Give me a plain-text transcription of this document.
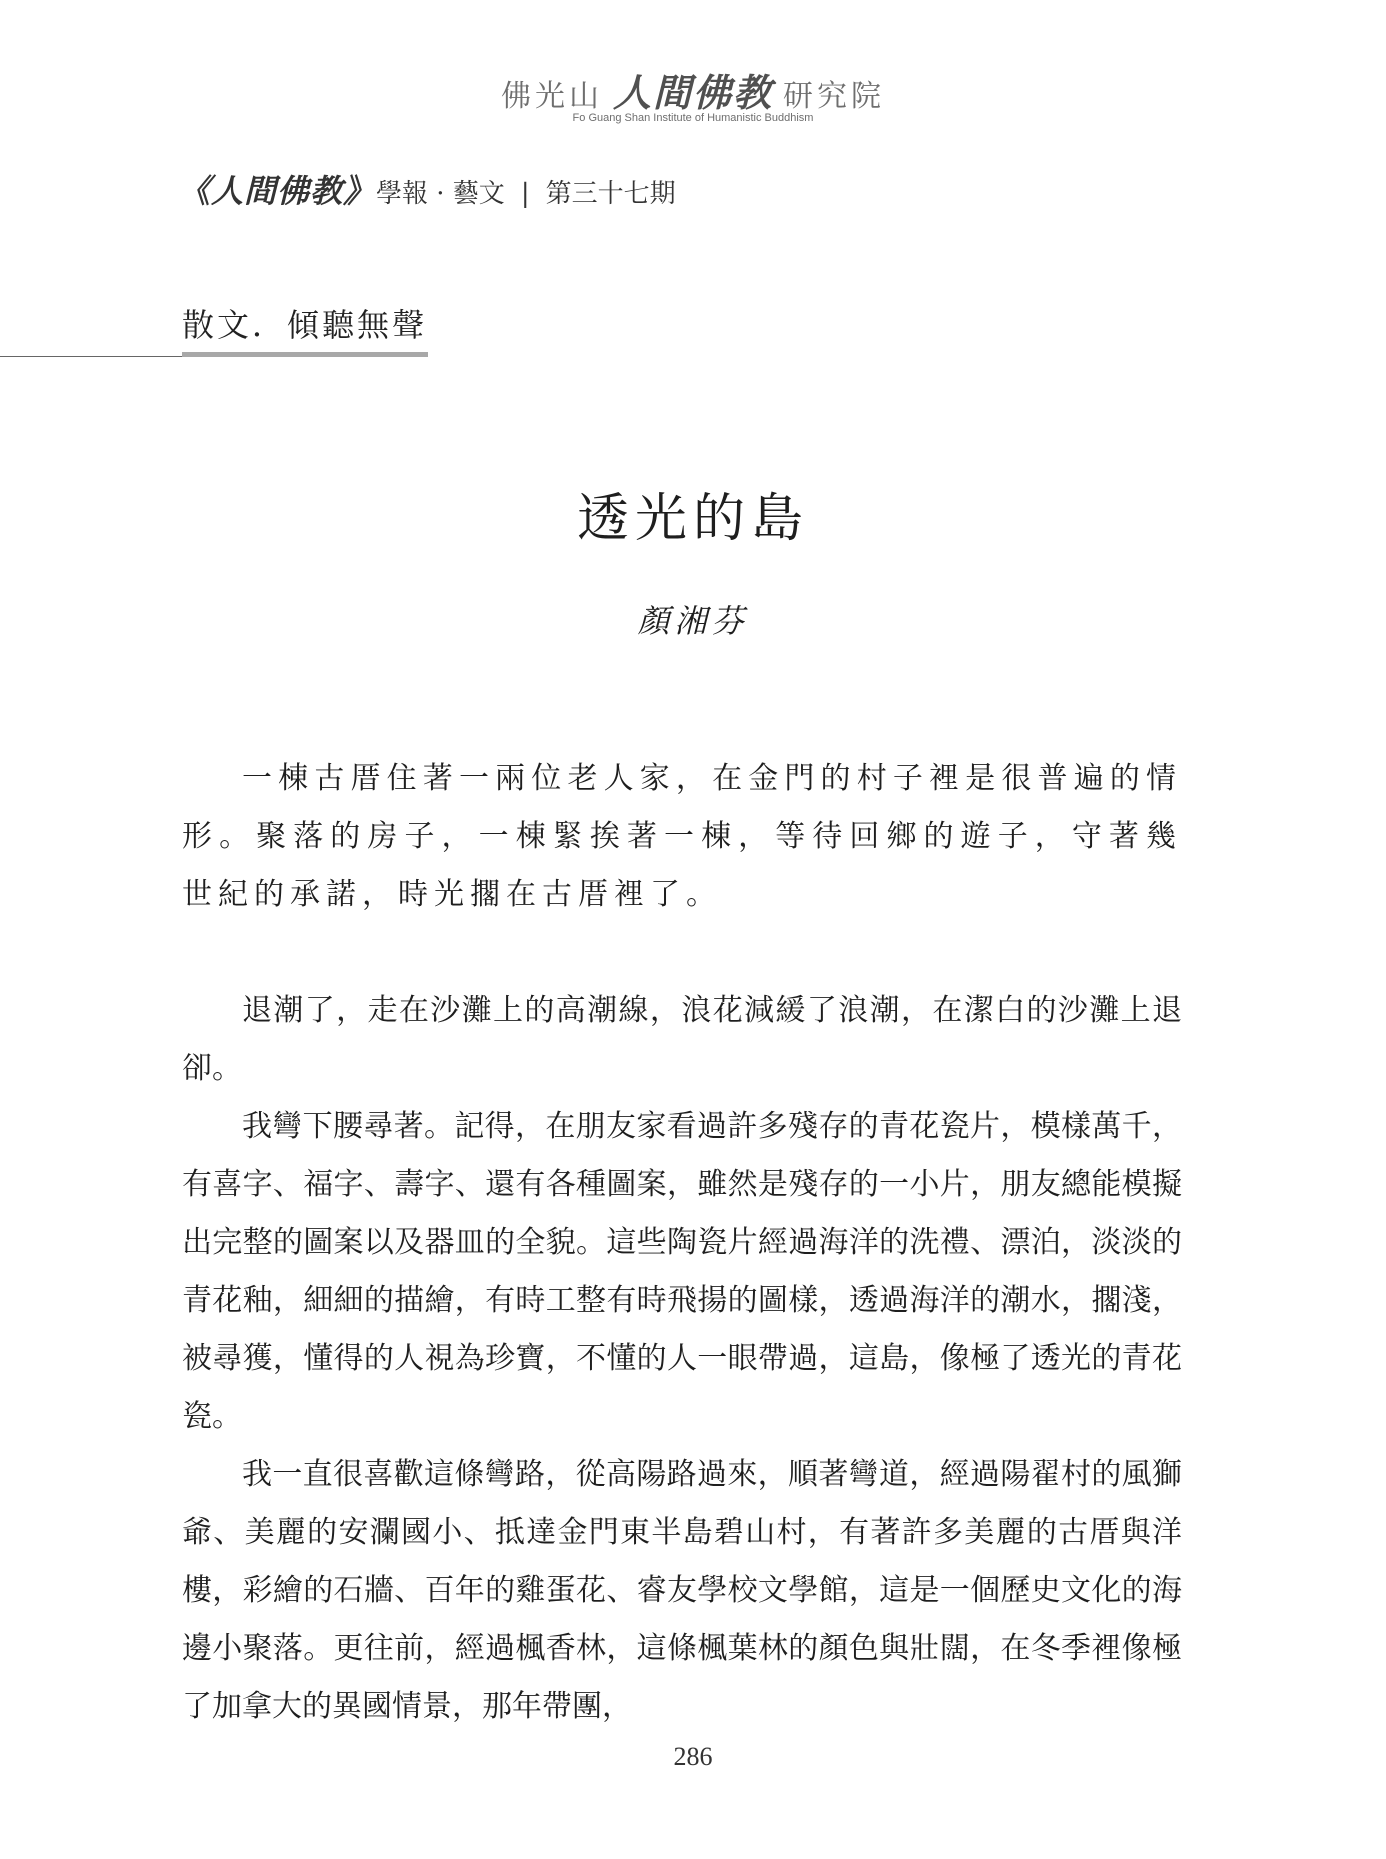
佛光山 人間佛教 研究院
Fo Guang Shan Institute of Humanistic Buddhism
《人間佛教》 學報 · 藝文 | 第三十七期
散文．傾聽無聲
透光的島
顏湘芬

一棟古厝住著一兩位老人家，在金門的村子裡是很普遍的情形。聚落的房子，一棟緊挨著一棟，等待回鄉的遊子，守著幾世紀的承諾，時光擱在古厝裡了。

退潮了，走在沙灘上的高潮線，浪花減緩了浪潮，在潔白的沙灘上退卻。

我彎下腰尋著。記得，在朋友家看過許多殘存的青花瓷片，模樣萬千，有喜字、福字、壽字、還有各種圖案，雖然是殘存的一小片，朋友總能模擬出完整的圖案以及器皿的全貌。這些陶瓷片經過海洋的洗禮、漂泊，淡淡的青花釉，細細的描繪，有時工整有時飛揚的圖樣，透過海洋的潮水，擱淺，被尋獲，懂得的人視為珍寶，不懂的人一眼帶過，這島，像極了透光的青花瓷。

我一直很喜歡這條彎路，從高陽路過來，順著彎道，經過陽翟村的風獅爺、美麗的安瀾國小、抵達金門東半島碧山村，有著許多美麗的古厝與洋樓，彩繪的石牆、百年的雞蛋花、睿友學校文學館，這是一個歷史文化的海邊小聚落。更往前，經過楓香林，這條楓葉林的顏色與壯闊，在冬季裡像極了加拿大的異國情景，那年帶團，

286
